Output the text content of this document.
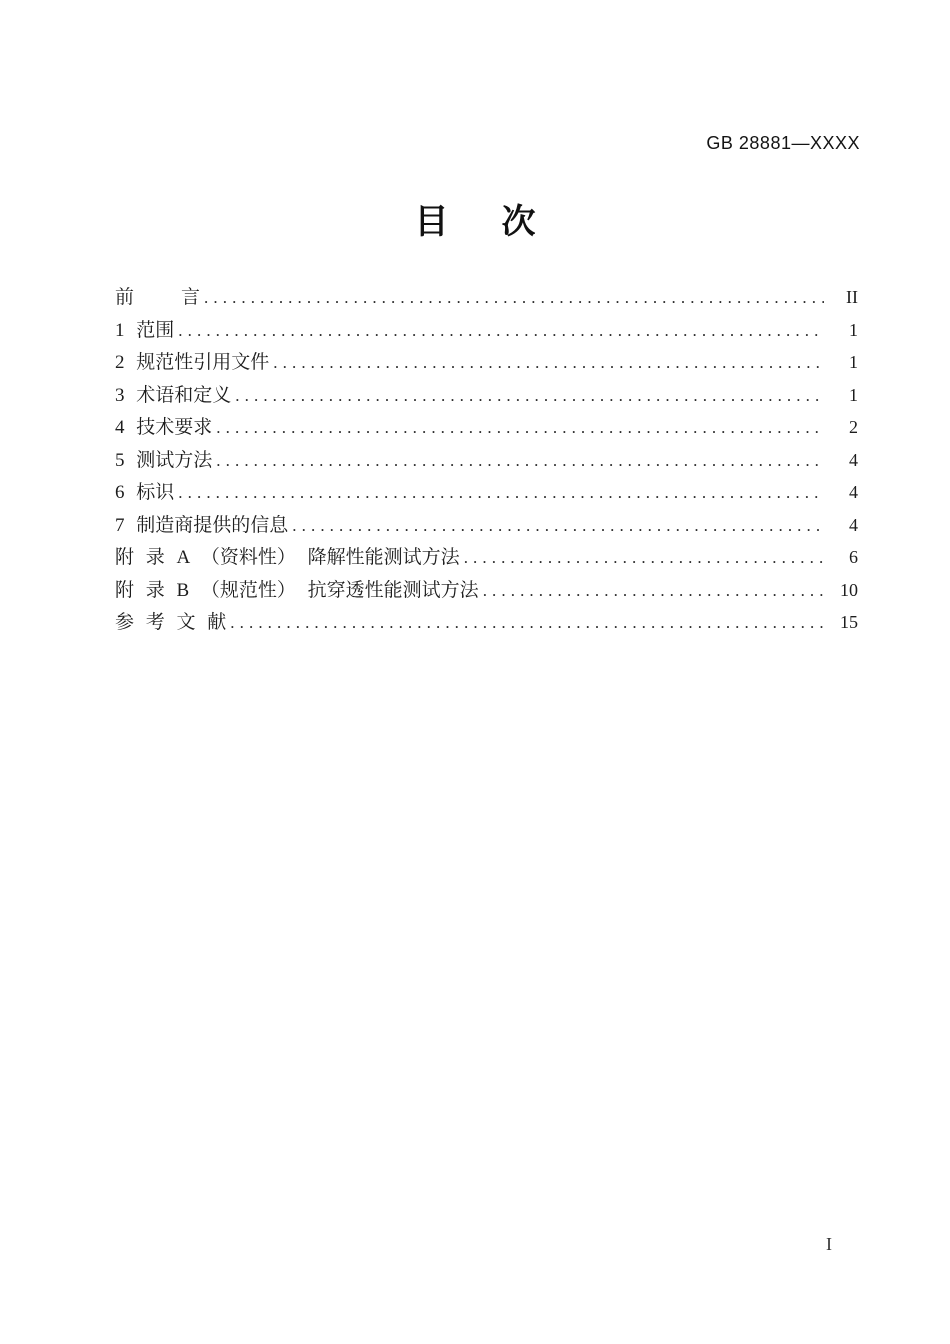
GB 28881—XXXX

目  次
前    言 .....	II
1 范围 .....	1
2 规范性引用文件 .....	1
3 术语和定义 .....	1
4 技术要求 .....	2
5 测试方法 .....	4
6 标识 .....	4
7 制造商提供的信息 .....	4
附 录 A （资料性） 降解性能测试方法 .....	6
附 录 B （规范性） 抗穿透性能测试方法 .....	10
参 考 文 献 .....	15
I
